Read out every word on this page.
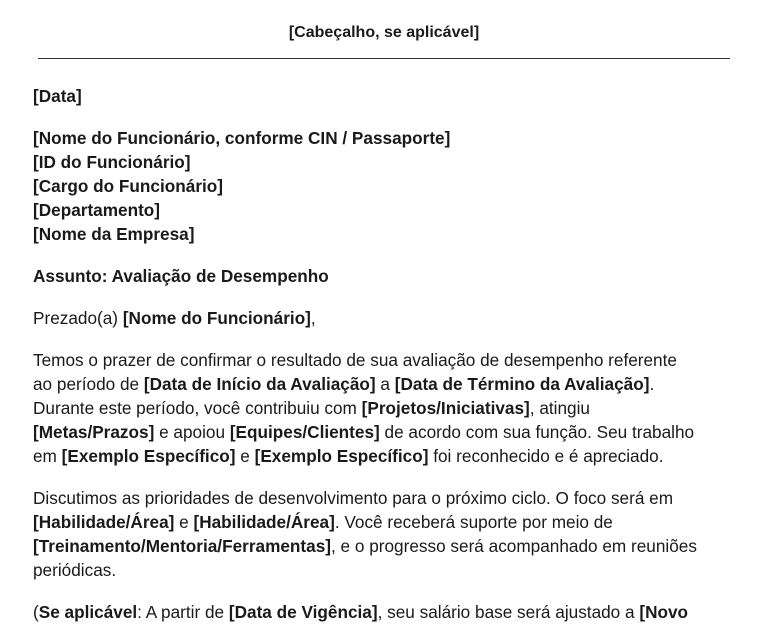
[Cabeçalho, se aplicável]
[Data]
[Nome do Funcionário, conforme CIN / Passaporte]
[ID do Funcionário]
[Cargo do Funcionário]
[Departamento]
[Nome da Empresa]
Assunto: Avaliação de Desempenho
Prezado(a) [Nome do Funcionário],
Temos o prazer de confirmar o resultado de sua avaliação de desempenho referente
ao período de [Data de Início da Avaliação] a [Data de Término da Avaliação].
Durante este período, você contribuiu com [Projetos/Iniciativas], atingiu
[Metas/Prazos] e apoiou [Equipes/Clientes] de acordo com sua função. Seu trabalho
em [Exemplo Específico] e [Exemplo Específico] foi reconhecido e é apreciado.
Discutimos as prioridades de desenvolvimento para o próximo ciclo. O foco será em
[Habilidade/Área] e [Habilidade/Área]. Você receberá suporte por meio de
[Treinamento/Mentoria/Ferramentas], e o progresso será acompanhado em reuniões
periódicas.
(Se aplicável: A partir de [Data de Vigência], seu salário base será ajustado a [Novo
